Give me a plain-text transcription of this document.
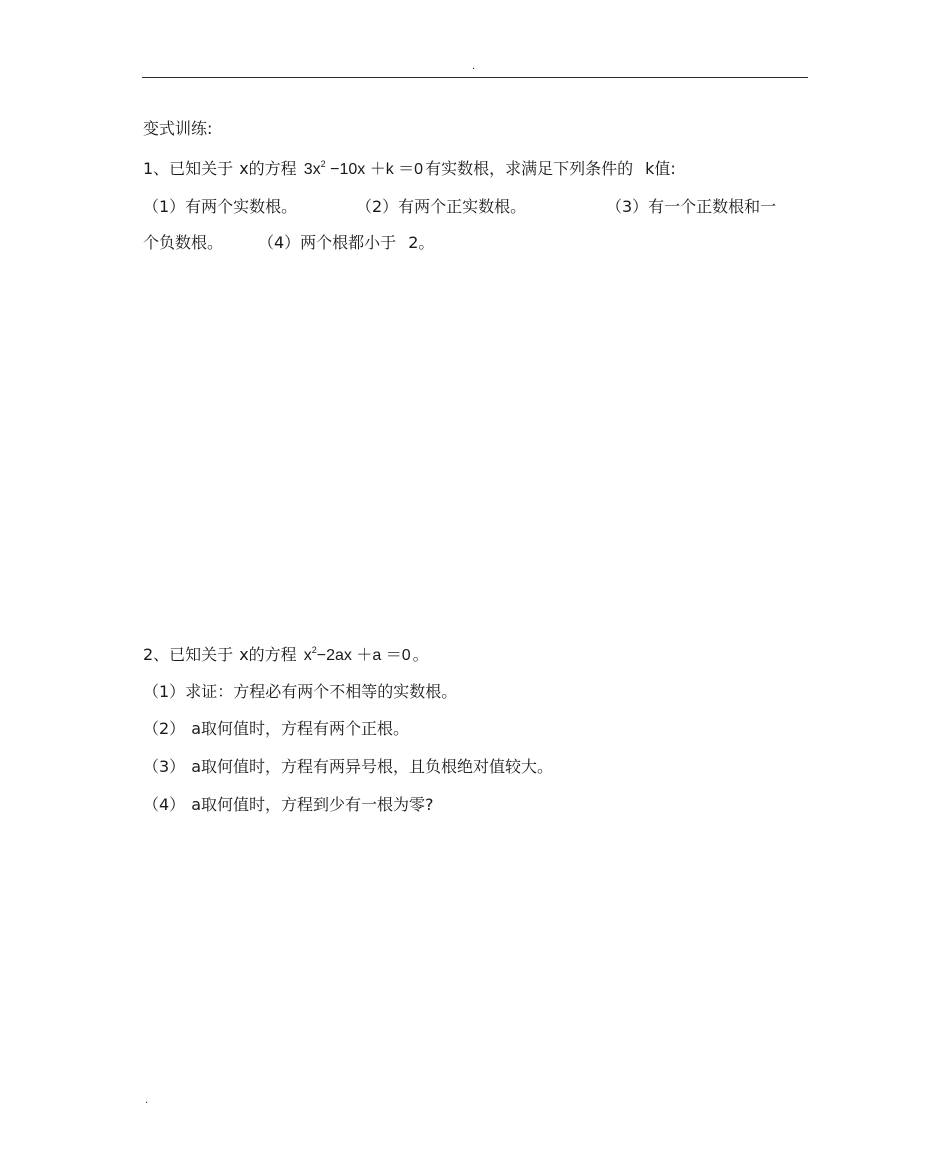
.
变式训练:
1、已知关于 x的方程 $3x^2 -10x +k =0$ 有实数根，求满足下列条件的 k值:
（1）有两个实数根。	（2）有两个正实数根。	（3）有一个正数根和一
个负数根。 （4）两个根都小于 2。
2、已知关于 x的方程 $x^2-2ax +a =0$ 。
（1）求证：方程必有两个不相等的实数根。
（2） a取何值时，方程有两个正根。
（3） a取何值时，方程有两异号根，且负根绝对值较大。
（4） a取何值时，方程到少有一根为零?
.
